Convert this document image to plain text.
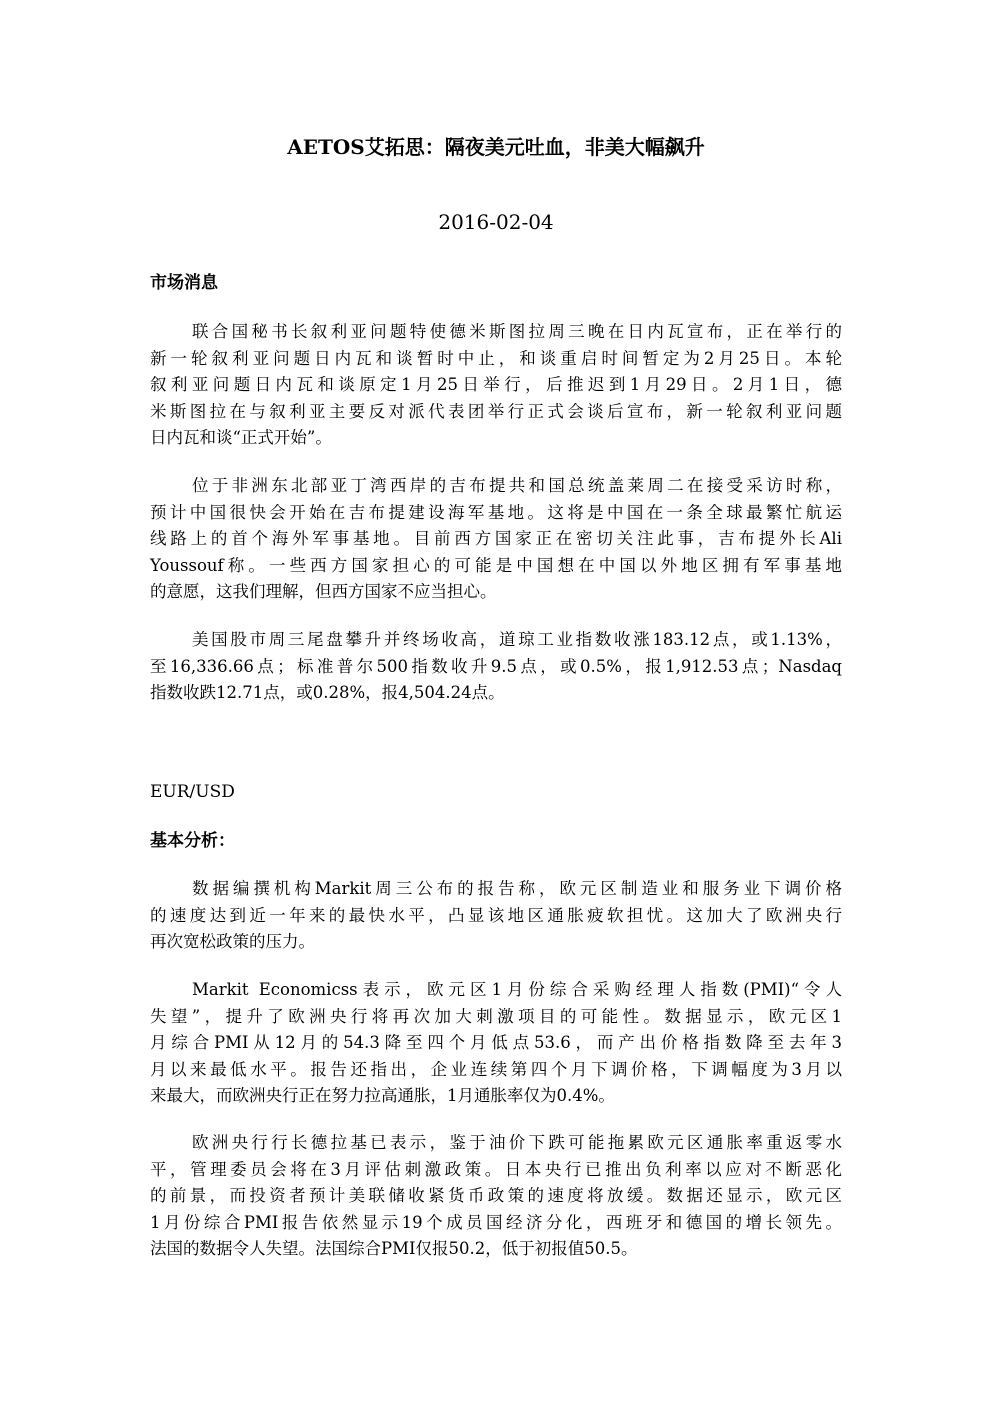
AETOS艾拓思：隔夜美元吐血，非美大幅飙升
2016-02-04
市场消息
联合国秘书长叙利亚问题特使德米斯图拉周三晚在日内瓦宣布，正在举行的
新一轮叙利亚问题日内瓦和谈暂时中止，和谈重启时间暂定为2月25日。本轮
叙利亚问题日内瓦和谈原定1月25日举行，后推迟到1月29日。2月1日，德
米斯图拉在与叙利亚主要反对派代表团举行正式会谈后宣布，新一轮叙利亚问题
日内瓦和谈“正式开始”。
位于非洲东北部亚丁湾西岸的吉布提共和国总统盖莱周二在接受采访时称，
预计中国很快会开始在吉布提建设海军基地。这将是中国在一条全球最繁忙航运
线路上的首个海外军事基地。目前西方国家正在密切关注此事，吉布提外长Ali
Youssouf称。一些西方国家担心的可能是中国想在中国以外地区拥有军事基地
的意愿，这我们理解，但西方国家不应当担心。
美国股市周三尾盘攀升并终场收高，道琼工业指数收涨183.12点，或1.13%，
至16,336.66点；标准普尔500指数收升9.5点，或0.5%，报1,912.53点；Nasdaq
指数收跌12.71点，或0.28%，报4,504.24点。
EUR/USD
基本分析：
数据编撰机构Markit周三公布的报告称，欧元区制造业和服务业下调价格
的速度达到近一年来的最快水平，凸显该地区通胀疲软担忧。这加大了欧洲央行
再次宽松政策的压力。
Markit Economicss表示，欧元区1月份综合采购经理人指数(PMI)“令人
失望”，提升了欧洲央行将再次加大刺激项目的可能性。数据显示，欧元区1
月综合PMI从12月的54.3降至四个月低点53.6，而产出价格指数降至去年3
月以来最低水平。报告还指出，企业连续第四个月下调价格，下调幅度为3月以
来最大，而欧洲央行正在努力拉高通胀，1月通胀率仅为0.4%。
欧洲央行行长德拉基已表示，鉴于油价下跌可能拖累欧元区通胀率重返零水
平，管理委员会将在3月评估刺激政策。日本央行已推出负利率以应对不断恶化
的前景，而投资者预计美联储收紧货币政策的速度将放缓。数据还显示，欧元区
1月份综合PMI报告依然显示19个成员国经济分化，西班牙和德国的增长领先。
法国的数据令人失望。法国综合PMI仅报50.2，低于初报值50.5。
